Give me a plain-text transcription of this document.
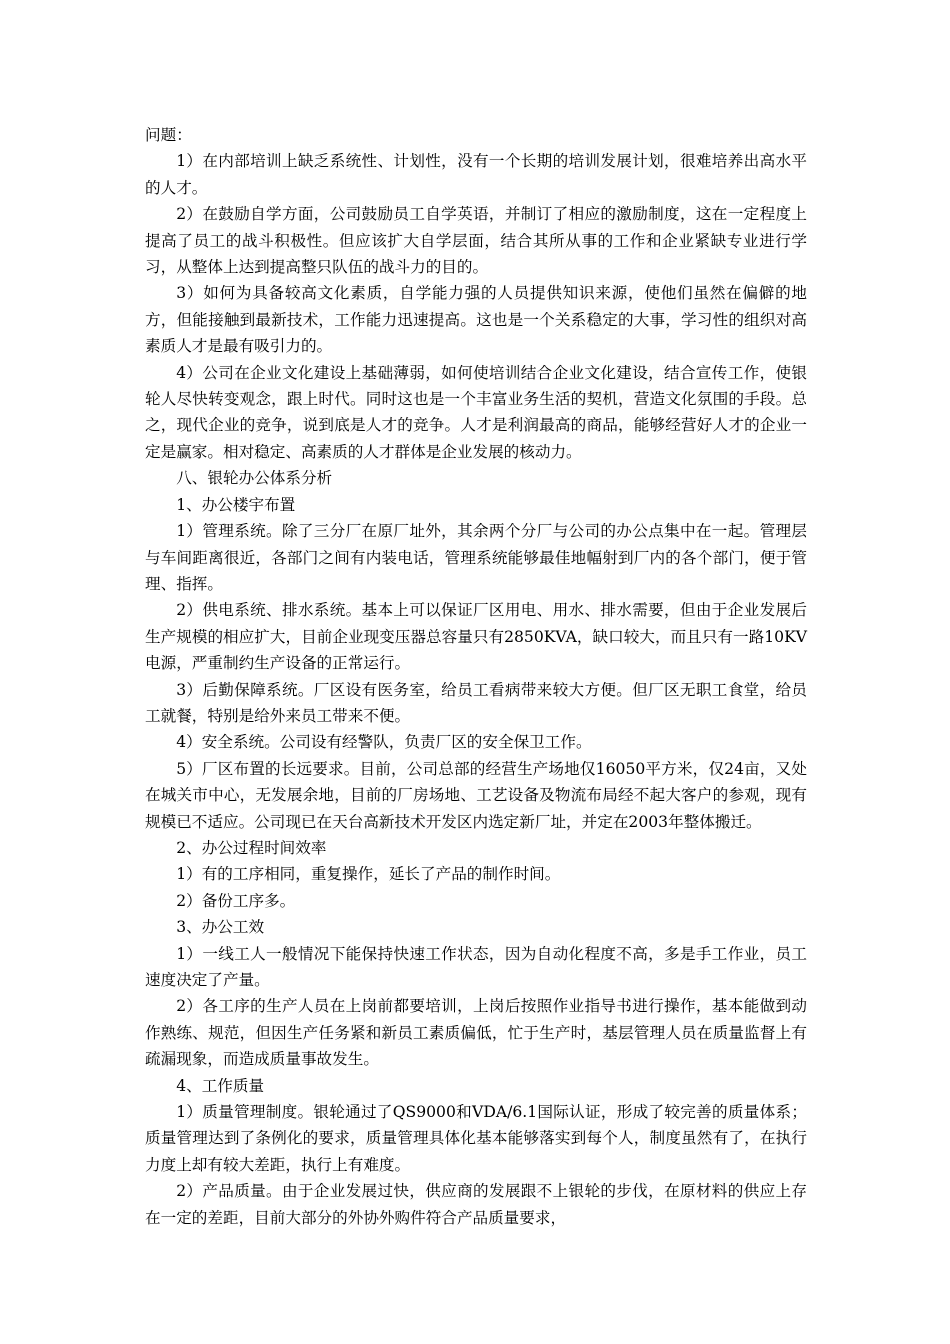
问题：

1）在内部培训上缺乏系统性、计划性，没有一个长期的培训发展计划，很难培养出高水平的人才。

2）在鼓励自学方面，公司鼓励员工自学英语，并制订了相应的激励制度，这在一定程度上提高了员工的战斗积极性。但应该扩大自学层面，结合其所从事的工作和企业紧缺专业进行学习，从整体上达到提高整只队伍的战斗力的目的。

3）如何为具备较高文化素质，自学能力强的人员提供知识来源，使他们虽然在偏僻的地方，但能接触到最新技术，工作能力迅速提高。这也是一个关系稳定的大事，学习性的组织对高素质人才是最有吸引力的。

4）公司在企业文化建设上基础薄弱，如何使培训结合企业文化建设，结合宣传工作，使银轮人尽快转变观念，跟上时代。同时这也是一个丰富业务生活的契机，营造文化氛围的手段。总之，现代企业的竞争，说到底是人才的竞争。人才是利润最高的商品，能够经营好人才的企业一定是赢家。相对稳定、高素质的人才群体是企业发展的核动力。

八、银轮办公体系分析

1、办公楼宇布置

1）管理系统。除了三分厂在原厂址外，其余两个分厂与公司的办公点集中在一起。管理层与车间距离很近，各部门之间有内装电话，管理系统能够最佳地幅射到厂内的各个部门，便于管理、指挥。

2）供电系统、排水系统。基本上可以保证厂区用电、用水、排水需要，但由于企业发展后生产规模的相应扩大，目前企业现变压器总容量只有2850KVA，缺口较大，而且只有一路10KV电源，严重制约生产设备的正常运行。

3）后勤保障系统。厂区设有医务室，给员工看病带来较大方便。但厂区无职工食堂，给员工就餐，特别是给外来员工带来不便。

4）安全系统。公司设有经警队，负责厂区的安全保卫工作。

5）厂区布置的长远要求。目前，公司总部的经营生产场地仅16050平方米，仅24亩，又处在城关市中心，无发展余地，目前的厂房场地、工艺设备及物流布局经不起大客户的参观，现有规模已不适应。公司现已在天台高新技术开发区内选定新厂址，并定在2003年整体搬迁。

2、办公过程时间效率

1）有的工序相同，重复操作，延长了产品的制作时间。

2）备份工序多。

3、办公工效

1）一线工人一般情况下能保持快速工作状态，因为自动化程度不高，多是手工作业，员工速度决定了产量。

2）各工序的生产人员在上岗前都要培训，上岗后按照作业指导书进行操作，基本能做到动作熟练、规范，但因生产任务紧和新员工素质偏低，忙于生产时，基层管理人员在质量监督上有疏漏现象，而造成质量事故发生。

4、工作质量

1）质量管理制度。银轮通过了QS9000和VDA/6.1国际认证，形成了较完善的质量体系；质量管理达到了条例化的要求，质量管理具体化基本能够落实到每个人，制度虽然有了，在执行力度上却有较大差距，执行上有难度。

2）产品质量。由于企业发展过快，供应商的发展跟不上银轮的步伐，在原材料的供应上存在一定的差距，目前大部分的外协外购件符合产品质量要求，
